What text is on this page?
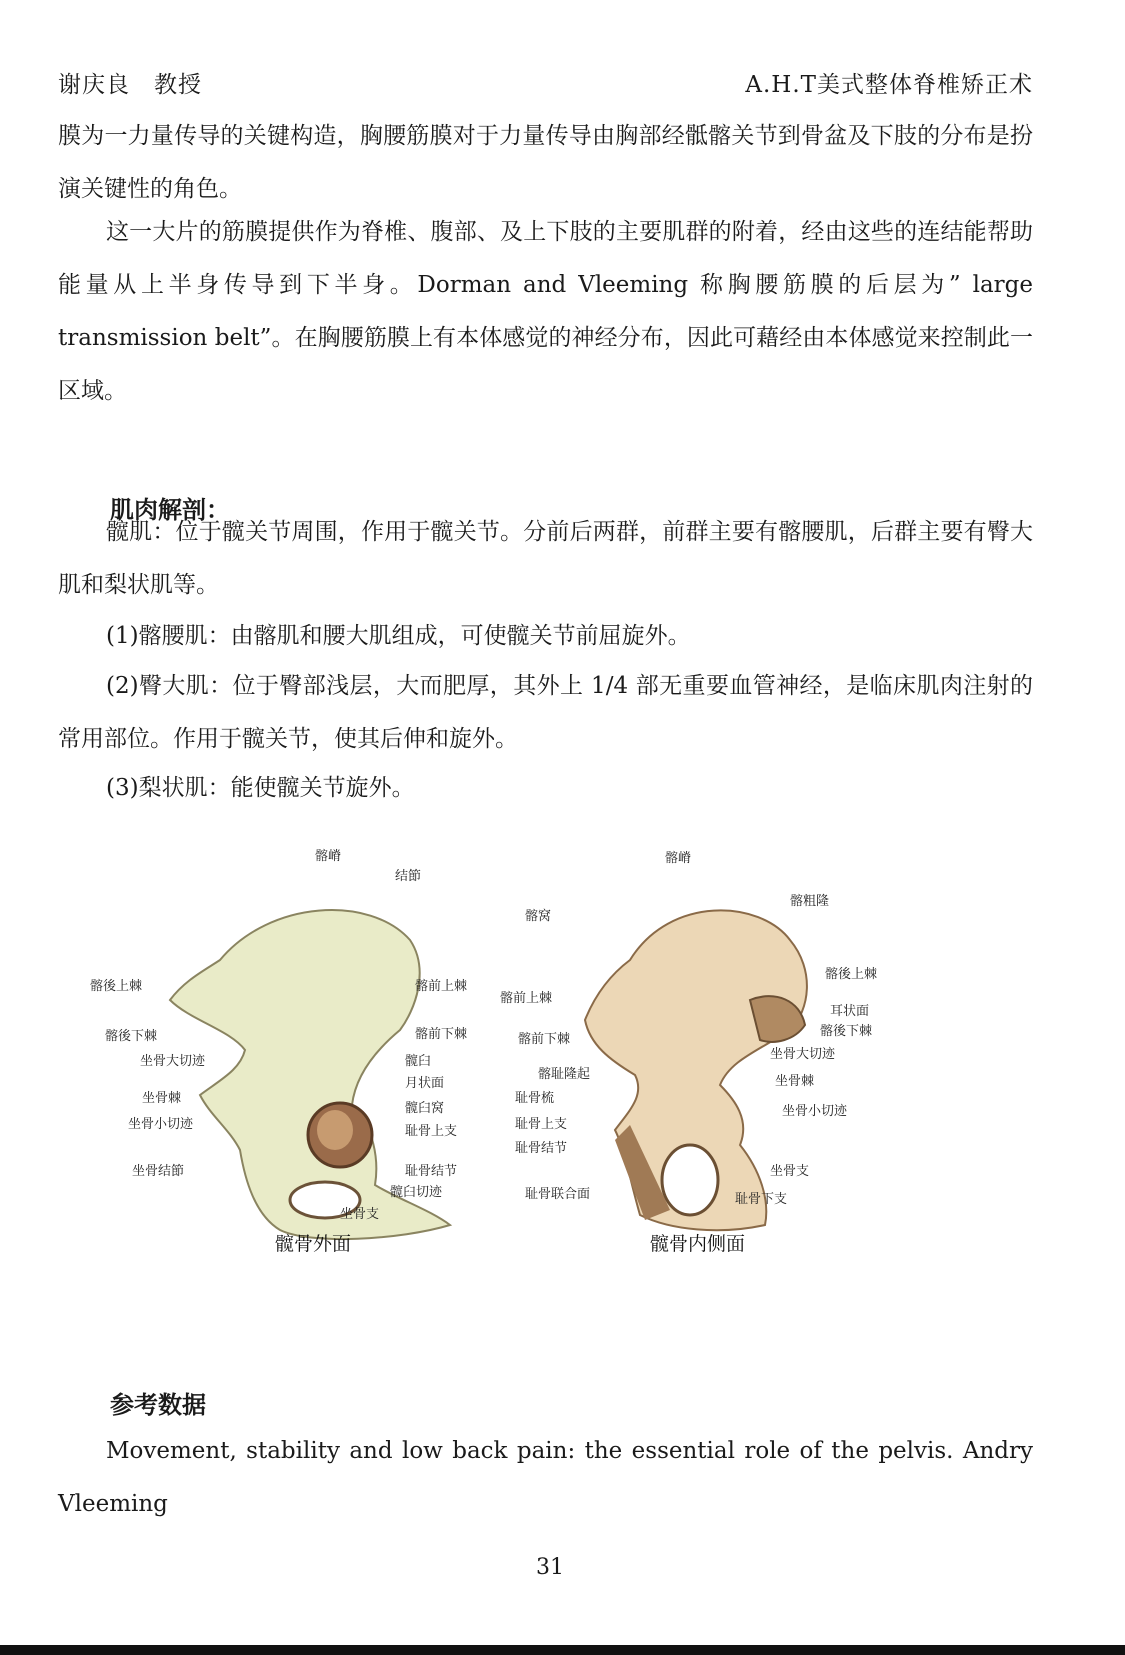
谢庆良　教授	A.H.T美式整体脊椎矫正术

膜为一力量传导的关键构造，胸腰筋膜对于力量传导由胸部经骶髂关节到骨盆及下肢的分布是扮演关键性的角色。

这一大片的筋膜提供作为脊椎、腹部、及上下肢的主要肌群的附着，经由这些的连结能帮助能量从上半身传导到下半身。Dorman and Vleeming 称胸腰筋膜的后层为” large transmission belt”。在胸腰筋膜上有本体感觉的神经分布，因此可藉经由本体感觉来控制此一区域。

肌肉解剖：

髋肌：位于髋关节周围，作用于髋关节。分前后两群，前群主要有髂腰肌，后群主要有臀大肌和梨状肌等。

(1)髂腰肌：由髂肌和腰大肌组成，可使髋关节前屈旋外。

(2)臀大肌：位于臀部浅层，大而肥厚，其外上 1/4 部无重要血管神经，是临床肌肉注射的常用部位。作用于髋关节，使其后伸和旋外。

(3)梨状肌：能使髋关节旋外。

髂嵴
结節
髂後上棘	髂前上棘
髂後下棘	髂前下棘
坐骨大切迹	髋臼
月状面
坐骨棘
髋臼窝
坐骨小切迹	耻骨上支
坐骨结節	耻骨结节
髋臼切迹
坐骨支
髋骨外面
髂嵴
髂窝
髂粗隆
髂後上棘
髂前上棘
耳状面
髂後下棘
髂前下棘
坐骨大切迹
髂耻隆起	坐骨棘
耻骨梳
坐骨小切迹
耻骨上支
耻骨结节
坐骨支
耻骨联合面	耻骨下支
髋骨内侧面
参考数据

Movement, stability and low back pain: the essential role of the pelvis. Andry Vleeming

31
